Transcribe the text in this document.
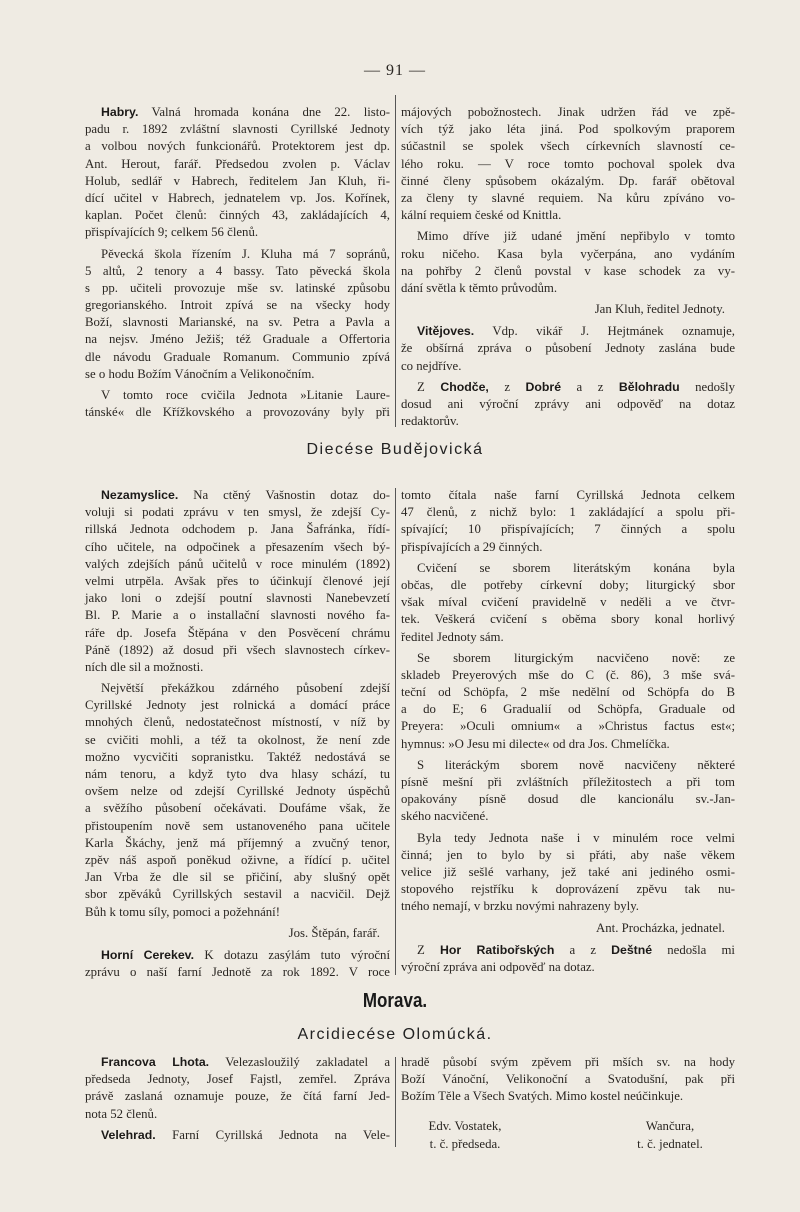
— 91 —
Habry. Valná hromada konána dne 22. listo-
padu r. 1892 zvláštní slavnosti Cyrillské Jednoty
a volbou nových funkcionářů. Protektorem jest dp.
Ant. Herout, farář. Předsedou zvolen p. Václav
Holub, sedlář v Habrech, ředitelem Jan Kluh, ři-
dící učitel v Habrech, jednatelem vp. Jos. Kořínek,
kaplan. Počet členů: činných 43, zakládajících 4,
přispívajících 9; celkem 56 členů.
Pěvecká škola řízením J. Kluha má 7 sopránů,
5 altů, 2 tenory a 4 bassy. Tato pěvecká škola
s pp. učiteli provozuje mše sv. latinské způsobu
gregorianského. Introit zpívá se na všecky hody
Boží, slavnosti Marianské, na sv. Petra a Pavla a
na nejsv. Jméno Ježiš; též Graduale a Offertoria
dle návodu Graduale Romanum. Communio zpívá
se o hodu Božím Vánočním a Velikonočním.
V tomto roce cvičila Jednota »Litanie Laure-
tánské« dle Křížkovského a provozovány byly při
májových pobožnostech. Jinak udržen řád ve zpě-
vích týž jako léta jiná. Pod spolkovým praporem
súčastnil se spolek všech církevních slavností ce-
lého roku. — V roce tomto pochoval spolek dva
činné členy spůsobem okázalým. Dp. farář obětoval
za členy ty slavné requiem. Na kůru zpíváno vo-
kální requiem české od Knittla.
Mimo dříve již udané jmění nepřibylo v tomto
roku ničeho. Kasa byla vyčerpána, ano vydáním
na pohřby 2 členů povstal v kase schodek za vy-
dání světla k těmto průvodům.
Jan Kluh, ředitel Jednoty.
Vitějoves. Vdp. vikář J. Hejtmánek oznamuje,
že obšírná zpráva o působení Jednoty zaslána bude
co nejdříve.
Z Chodče, z Dobré a z Bělohradu nedošly
dosud ani výroční zprávy ani odpověď na dotaz
redaktorův.
Diecése Budějovická
Nezamyslice. Na ctěný Vašnostin dotaz do-
voluji si podati zprávu v ten smysl, že zdejší Cy-
rillská Jednota odchodem p. Jana Šafránka, řídí-
cího učitele, na odpočinek a přesazením všech bý-
valých zdejších pánů učitelů v roce minulém (1892)
velmi utrpěla. Avšak přes to účinkují členové její
jako loni o zdejší poutní slavnosti Nanebevzetí
Bl. P. Marie a o installační slavnosti nového fa-
ráře dp. Josefa Štěpána v den Posvěcení chrámu
Páně (1892) až dosud při všech slavnostech církev-
ních dle sil a možnosti.
Největší překážkou zdárného působení zdejší
Cyrillské Jednoty jest rolnická a domácí práce
mnohých členů, nedostatečnost místností, v níž by
se cvičiti mohli, a též ta okolnost, že není zde
možno vycvičiti sopranistku. Taktéž nedostává se
nám tenoru, a když tyto dva hlasy schází, tu
ovšem nelze od zdejší Cyrillské Jednoty úspěchů
a svěžího působení očekávati. Doufáme však, že
přistoupením nově sem ustanoveného pana učitele
Karla Škáchy, jenž má příjemný a zvučný tenor,
zpěv náš aspoň poněkud oživne, a řídící p. učitel
Jan Vrba že dle sil se přičiní, aby slušný opět
sbor zpěváků Cyrillských sestavil a nacvičil. Dejž
Bůh k tomu síly, pomoci a požehnání!
Jos. Štěpán, farář.
Horní Cerekev. K dotazu zasýlám tuto výroční
zprávu o naší farní Jednotě za rok 1892. V roce
tomto čítala naše farní Cyrillská Jednota celkem
47 členů, z nichž bylo: 1 zakládající a spolu při-
spívající; 10 přispívajících; 7 činných a spolu
přispívajících a 29 činných.
Cvičení se sborem literátským konána byla
občas, dle potřeby církevní doby; liturgický sbor
však míval cvičení pravidelně v neděli a ve čtvr-
tek. Veškerá cvičení s oběma sbory konal horlivý
ředitel Jednoty sám.
Se sborem liturgickým nacvičeno nově: ze
skladeb Preyerových mše do C (č. 86), 3 mše svá-
teční od Schöpfa, 2 mše nedělní od Schöpfa do B
a do E; 6 Gradualií od Schöpfa, Graduale od
Preyera: »Oculi omnium« a »Christus factus est«;
hymnus: »O Jesu mi dilecte« od dra Jos. Chmelíčka.
S literáckým sborem nově nacvičeny některé
písně mešní při zvláštních příležitostech a při tom
opakovány písně dosud dle kancionálu sv.-Jan-
ského nacvičené.
Byla tedy Jednota naše i v minulém roce velmi
činná; jen to bylo by si přáti, aby naše věkem
velice již sešlé varhany, jež také ani jediného osmi-
stopového rejstříku k doprovázení zpěvu tak nu-
tného nemají, v brzku novými nahrazeny byly.
Ant. Procházka, jednatel.
Z Hor Ratibořských a z Deštné nedošla mi
výroční zpráva ani odpověď na dotaz.
Morava.
Arcidiecése Olomúcká.
Francova Lhota. Velezasloužilý zakladatel a
předseda Jednoty, Josef Fajstl, zemřel. Zpráva
právě zaslaná oznamuje pouze, že čítá farní Jed-
nota 52 členů.
Velehrad. Farní Cyrillská Jednota na Vele-
hradě působí svým zpěvem při mších sv. na hody
Boží Vánoční, Velikonoční a Svatodušní, pak při
Božím Těle a Všech Svatých. Mimo kostel neúčinkuje.
Edv. Vostatek,
t. č. předseda.
Wančura,
t. č. jednatel.
